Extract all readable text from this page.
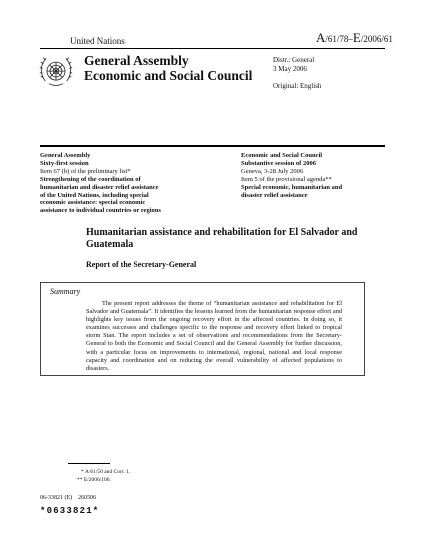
United Nations	A/61/78–E/2006/61
General Assembly
Economic and Social Council
Distr.: General
3 May 2006
Original: English
General Assembly
Sixty-first session
Item 67 (b) of the preliminary list*
Strengthening of the coordination of
humanitarian and disaster relief assistance
of the United Nations, including special
economic assistance: special economic
assistance to individual countries or regions
Economic and Social Council
Substantive session of 2006
Geneva, 3-28 July 2006
Item 5 of the provisional agenda**
Special economic, humanitarian and
disaster relief assistance
Humanitarian assistance and rehabilitation for El Salvador and Guatemala
Report of the Secretary-General
Summary
The present report addresses the theme of “humanitarian assistance and rehabilitation for El Salvador and Guatemala”. It identifies the lessons learned from the humanitarian response effort and highlights key issues from the ongoing recovery effort in the affected countries. In doing so, it examines successes and challenges specific to the response and recovery effort linked to tropical storm Stan. The report includes a set of observations and recommendations from the Secretary-General to both the Economic and Social Council and the General Assembly for further discussion, with a particular focus on improvements to international, regional, national and local response capacity and coordination and on reducing the overall vulnerability of affected populations to disasters.
* A/61/50 and Corr. 1.
** E/2006/100.
06-33821 (E)    260506
*0633821*
